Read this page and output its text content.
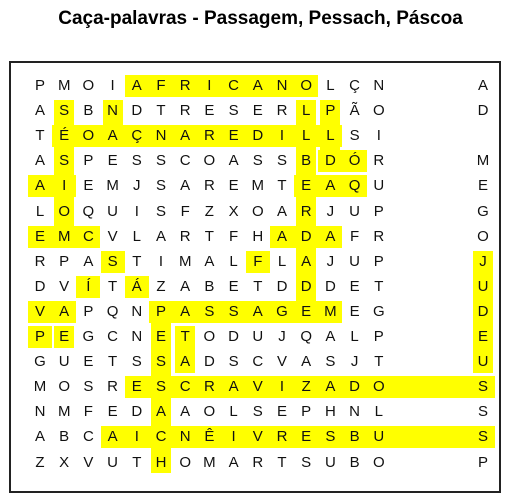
Caça-palavras - Passagem, Pessach, Páscoa
P M O	I	A F R	I	C A N O L Ç N	A
A S B N D T R E S E R L	P Ã O	D
T É O A Ç N A R E D	I	L	L	S	I
A S P E S S C O A S S B D Ó R	M
A	I	E M J	S A R E M T E A Q U	E
L O Q U	I	S F	Z X O A R	J	U P	G
E M C V	L	A R T	F H A D A F R	O
R P A S T	I	M A	L	F	L	A	J	U P	J
D V	Í	T Á Z A B E T D D D E T	U
V A P Q N P A S S A G E M E G	D
P E G C N E T O D U	J Q A	L	P	E
G U E T S S A D S C V A S	J	T	U
M O S R E S C R A V	I	Z A D O	S
N M F E D A A O L	S E P H N L	S
A B C A	I	C N Ê	I	V R E S B U	S
Z X V U T H O M A R T S U B O	P
